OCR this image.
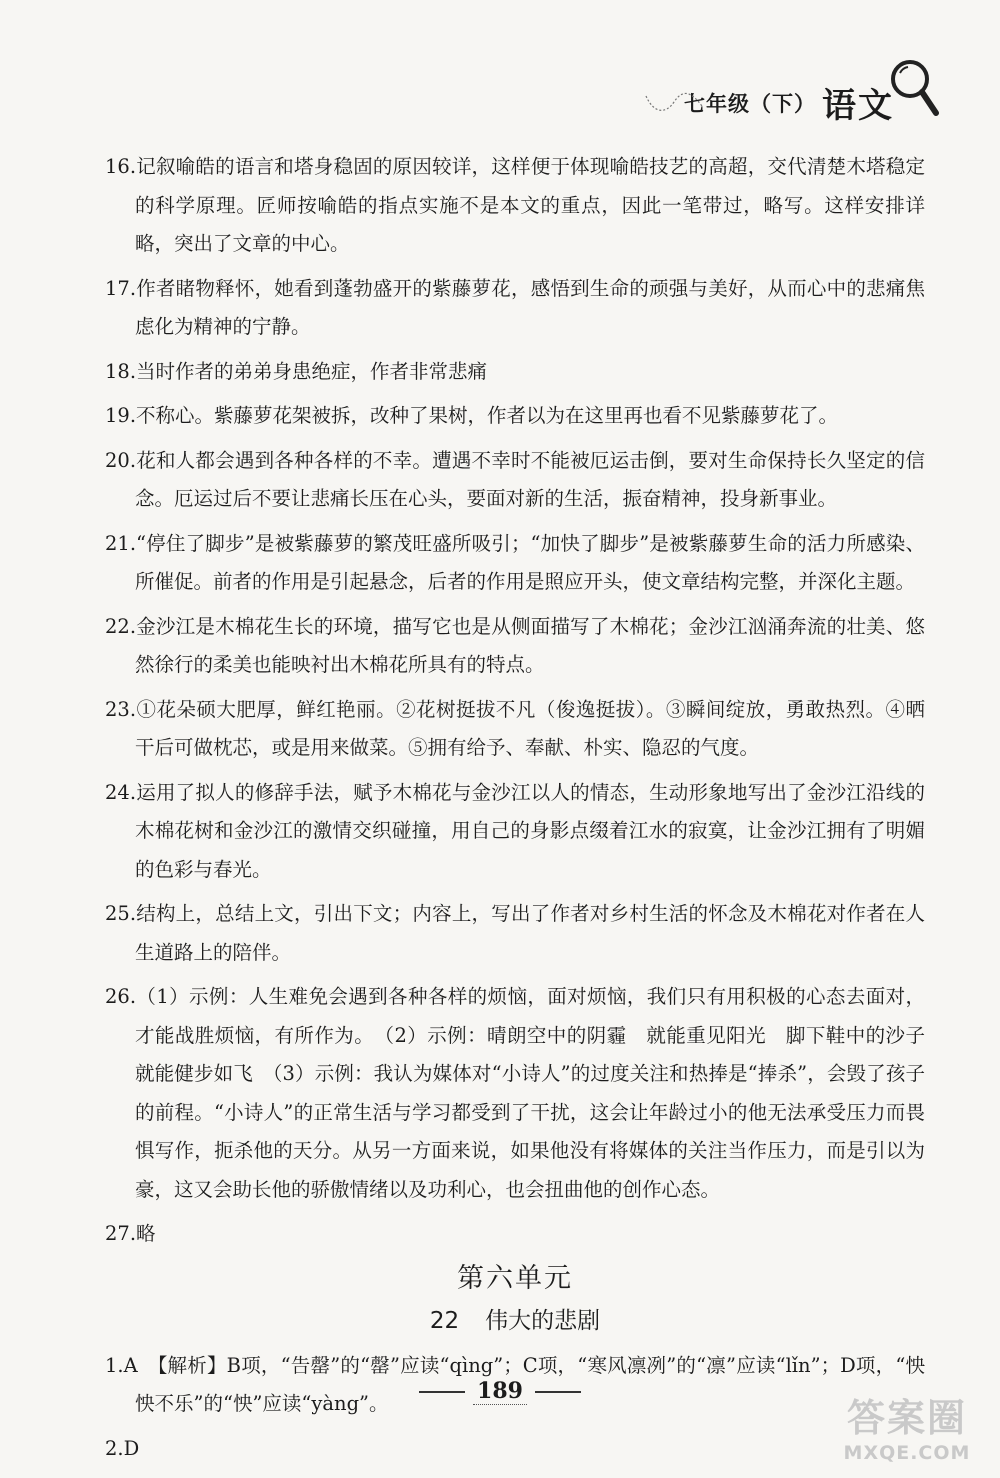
七年级（下） 语文

16.记叙喻皓的语言和塔身稳固的原因较详，这样便于体现喻皓技艺的高超，交代清楚木塔稳定的科学原理。匠师按喻皓的指点实施不是本文的重点，因此一笔带过，略写。这样安排详略，突出了文章的中心。

17.作者睹物释怀，她看到蓬勃盛开的紫藤萝花，感悟到生命的顽强与美好，从而心中的悲痛焦虑化为精神的宁静。

18.当时作者的弟弟身患绝症，作者非常悲痛

19.不称心。紫藤萝花架被拆，改种了果树，作者以为在这里再也看不见紫藤萝花了。

20.花和人都会遇到各种各样的不幸。遭遇不幸时不能被厄运击倒，要对生命保持长久坚定的信念。厄运过后不要让悲痛长压在心头，要面对新的生活，振奋精神，投身新事业。

21.“停住了脚步”是被紫藤萝的繁茂旺盛所吸引；“加快了脚步”是被紫藤萝生命的活力所感染、所催促。前者的作用是引起悬念，后者的作用是照应开头，使文章结构完整，并深化主题。

22.金沙江是木棉花生长的环境，描写它也是从侧面描写了木棉花；金沙江汹涌奔流的壮美、悠然徐行的柔美也能映衬出木棉花所具有的特点。

23.①花朵硕大肥厚，鲜红艳丽。②花树挺拔不凡（俊逸挺拔）。③瞬间绽放，勇敢热烈。④晒干后可做枕芯，或是用来做菜。⑤拥有给予、奉献、朴实、隐忍的气度。

24.运用了拟人的修辞手法，赋予木棉花与金沙江以人的情态，生动形象地写出了金沙江沿线的木棉花树和金沙江的激情交织碰撞，用自己的身影点缀着江水的寂寞，让金沙江拥有了明媚的色彩与春光。

25.结构上，总结上文，引出下文；内容上，写出了作者对乡村生活的怀念及木棉花对作者在人生道路上的陪伴。

26.（1）示例：人生难免会遇到各种各样的烦恼，面对烦恼，我们只有用积极的心态去面对，才能战胜烦恼，有所作为。　（2）示例：晴朗空中的阴霾　就能重见阳光　脚下鞋中的沙子　就能健步如飞　（3）示例：我认为媒体对“小诗人”的过度关注和热捧是“捧杀”，会毁了孩子的前程。“小诗人”的正常生活与学习都受到了干扰，这会让年龄过小的他无法承受压力而畏惧写作，扼杀他的天分。从另一方面来说，如果他没有将媒体的关注当作压力，而是引以为豪，这又会助长他的骄傲情绪以及功利心，也会扭曲他的创作心态。

27.略

第六单元
22 伟大的悲剧

1.A　【解析】B项，“告罄”的“罄”应读“qìng”；C项，“寒风凛冽”的“凛”应读“lǐn”；D项，“怏怏不乐”的“怏”应读“yàng”。

2.D

189
答案圈
MXQE.COM
